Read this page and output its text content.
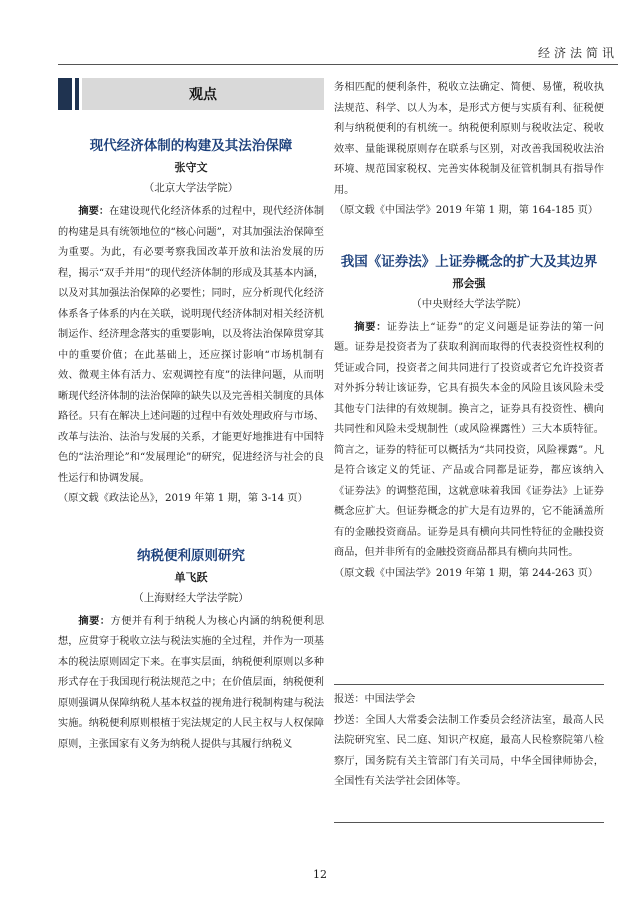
经济法简讯
观点
现代经济体制的构建及其法治保障
张守文
（北京大学法学院）

摘要：在建设现代化经济体系的过程中，现代经济体制的构建是具有统领地位的“核心问题”，对其加强法治保障至为重要。为此，有必要考察我国改革开放和法治发展的历程，揭示“双手并用”的现代经济体制的形成及其基本内涵，以及对其加强法治保障的必要性；同时，应分析现代化经济体系各子体系的内在关联，说明现代经济体制对相关经济机制运作、经济理念落实的重要影响，以及将法治保障贯穿其中的重要价值；在此基础上，还应探讨影响“市场机制有效、微观主体有活力、宏观调控有度”的法律问题，从而明晰现代经济体制的法治保障的缺失以及完善相关制度的具体路径。只有在解决上述问题的过程中有效处理政府与市场、改革与法治、法治与发展的关系，才能更好地推进有中国特色的“法治理论”和“发展理论”的研究，促进经济与社会的良性运行和协调发展。

（原文载《政法论丛》，2019 年第 1 期，第 3-14 页）

纳税便利原则研究
单飞跃
（上海财经大学法学院）

摘要：方便并有利于纳税人为核心内涵的纳税便利思想，应贯穿于税收立法与税法实施的全过程，并作为一项基本的税法原则固定下来。在事实层面，纳税便利原则以多种形式存在于我国现行税法规范之中；在价值层面，纳税便利原则强调从保障纳税人基本权益的视角进行税制构建与税法实施。纳税便利原则根植于宪法规定的人民主权与人权保障原则，主张国家有义务为纳税人提供与其履行纳税义

务相匹配的便利条件，税收立法确定、简便、易懂，税收执法规范、科学、以人为本，是形式方便与实质有利、征税便利与纳税便利的有机统一。纳税便利原则与税收法定、税收效率、量能课税原则存在联系与区别，对改善我国税收法治环境、规范国家税权、完善实体税制及征管机制具有指导作用。

（原文载《中国法学》2019 年第 1 期，第 164-185 页）

我国《证券法》上证券概念的扩大及其边界
邢会强
（中央财经大学法学院）

摘要：证券法上“证券”的定义问题是证券法的第一问题。证券是投资者为了获取利润而取得的代表投资性权利的凭证或合同，投资者之间共同进行了投资或者它允许投资者对外拆分转让该证券，它具有损失本金的风险且该风险未受其他专门法律的有效规制。换言之，证券具有投资性、横向共同性和风险未受规制性（或风险裸露性）三大本质特征。简言之，证券的特征可以概括为“共同投资，风险裸露”。凡是符合该定义的凭证、产品或合同都是证券，都应该纳入《证券法》的调整范围，这就意味着我国《证券法》上证券概念应扩大。但证券概念的扩大是有边界的，它不能涵盖所有的金融投资商品。证券是具有横向共同性特征的金融投资商品，但并非所有的金融投资商品都具有横向共同性。

（原文载《中国法学》2019 年第 1 期，第 244-263 页）

报送：中国法学会
抄送：全国人大常委会法制工作委员会经济法室，最高人民法院研究室、民二庭、知识产权庭，最高人民检察院第八检察厅，国务院有关主管部门有关司局，中华全国律师协会，全国性有关法学社会团体等。
12
